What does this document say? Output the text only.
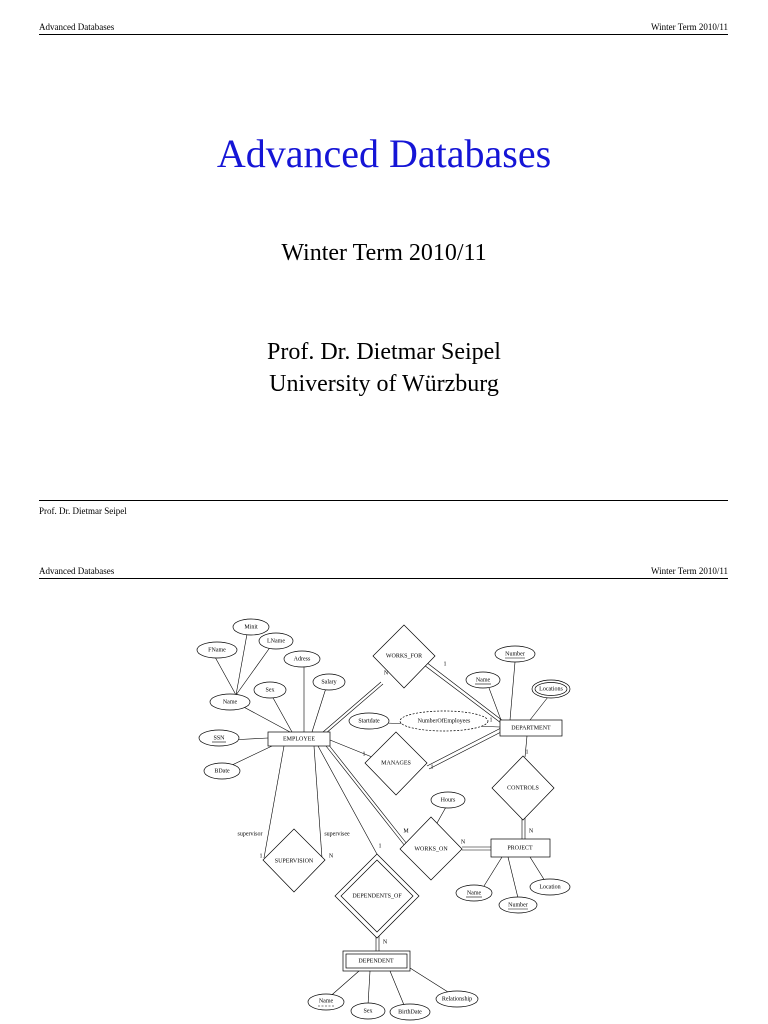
Advanced Databases	Winter Term 2010/11
Advanced Databases
Winter Term 2010/11
Prof. Dr. Dietmar Seipel
University of Würzburg
Prof. Dr. Dietmar Seipel
Advanced Databases	Winter Term 2010/11
EMPLOYEE
DEPARTMENT
PROJECT
DEPENDENT
WORKS_FOR
MANAGES
CONTROLS
WORKS_ON
SUPERVISION
DEPENDENTS_OF
Minit
LName
FName
Adress
Name
Sex
Salary
SSN
BDate
Startdate	NumberOfEmployees
Number
Name
Locations
Hours
Name
Number
Location
Name
Sex	BirthDate
Relationship
N
1
1
1
1
1
N
M
N
1	N
1
N
supervisor	supervisee
